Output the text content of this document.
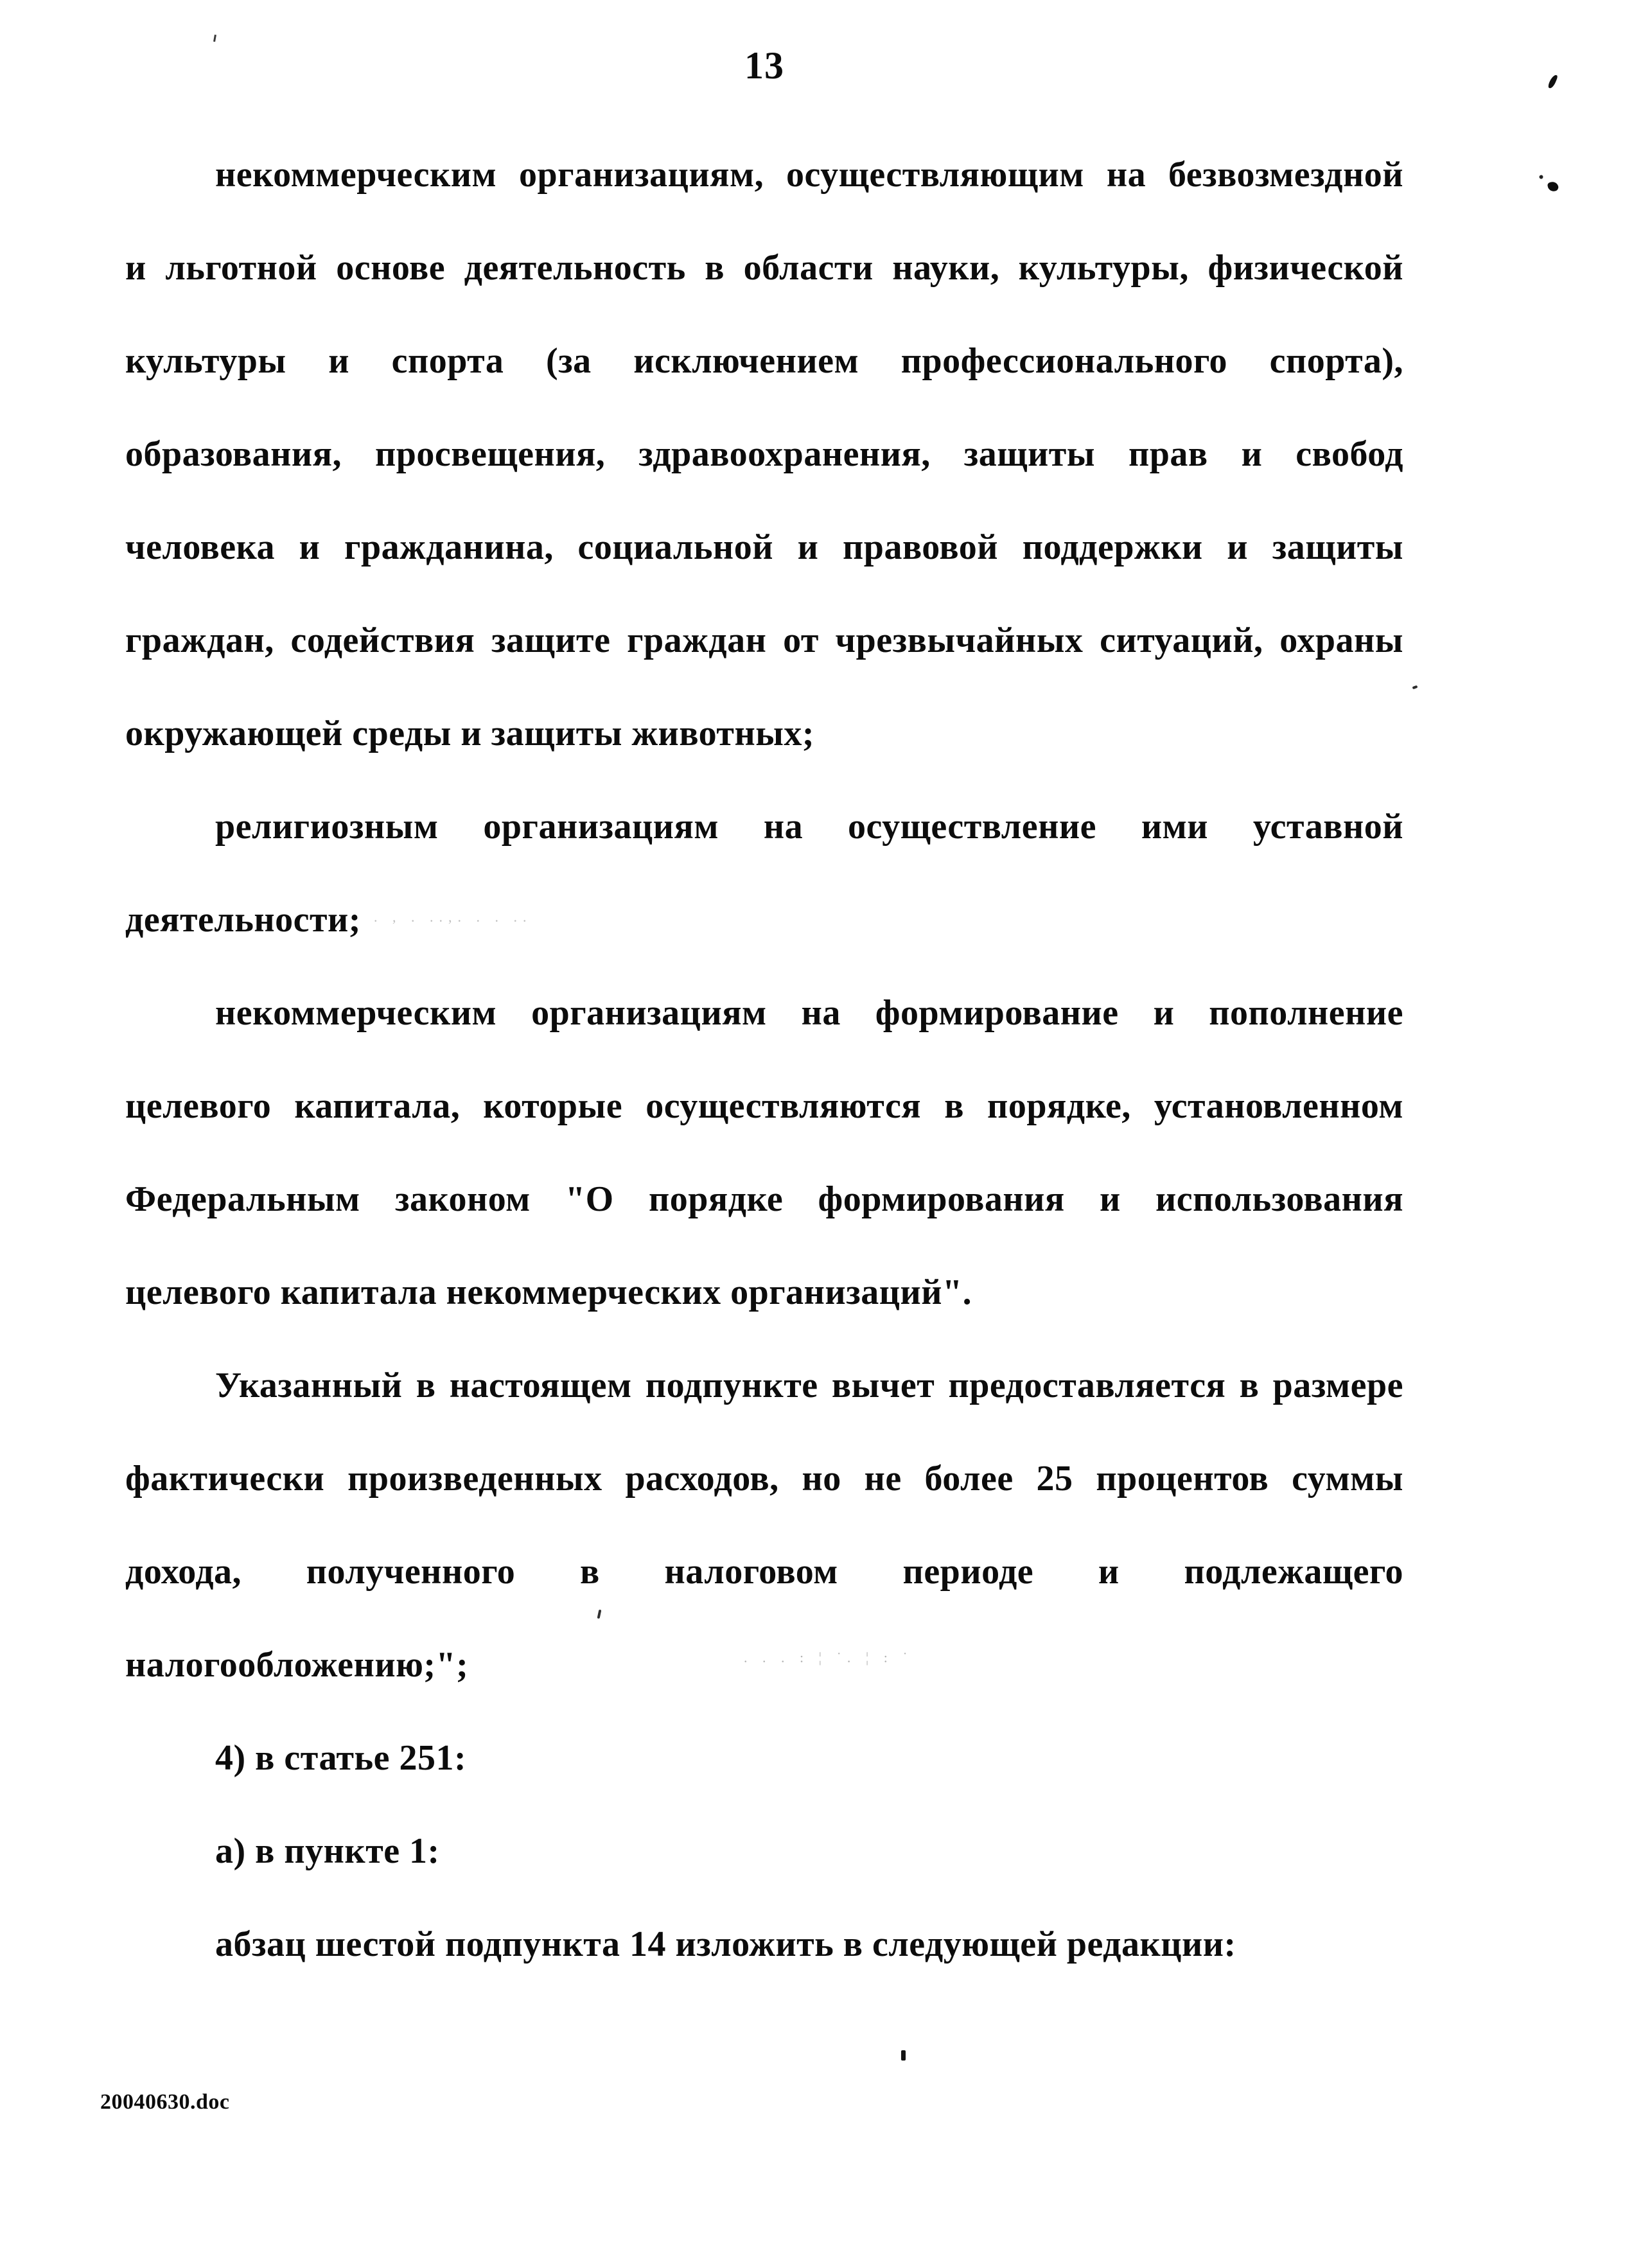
13
некоммерческим организациям, осуществляющим на безвозмездной
и льготной основе деятельность в области науки, культуры, физической
культуры и спорта (за исключением профессионального спорта),
образования, просвещения, здравоохранения, защиты прав и свобод
человека и гражданина, социальной и правовой поддержки и защиты
граждан, содействия защите граждан от чрезвычайных ситуаций, охраны
окружающей среды и защиты животных;
религиозным организациям на осуществление ими уставной
деятельности;
некоммерческим организациям на формирование и пополнение
целевого капитала, которые осуществляются в порядке, установленном
Федеральным законом "О порядке формирования и использования
целевого капитала некоммерческих организаций".
Указанный в настоящем подпункте вычет предоставляется в размере
фактически произведенных расходов, но не более 25 процентов суммы
дохода, полученного в налоговом периоде и подлежащего
налогообложению;";
4) в статье 251:
а) в пункте 1:
абзац шестой подпункта 14 изложить в следующей редакции:
20040630.doc
. , . ..,. . . ..
. . . : ¦ ˙. ¦ : ˙
